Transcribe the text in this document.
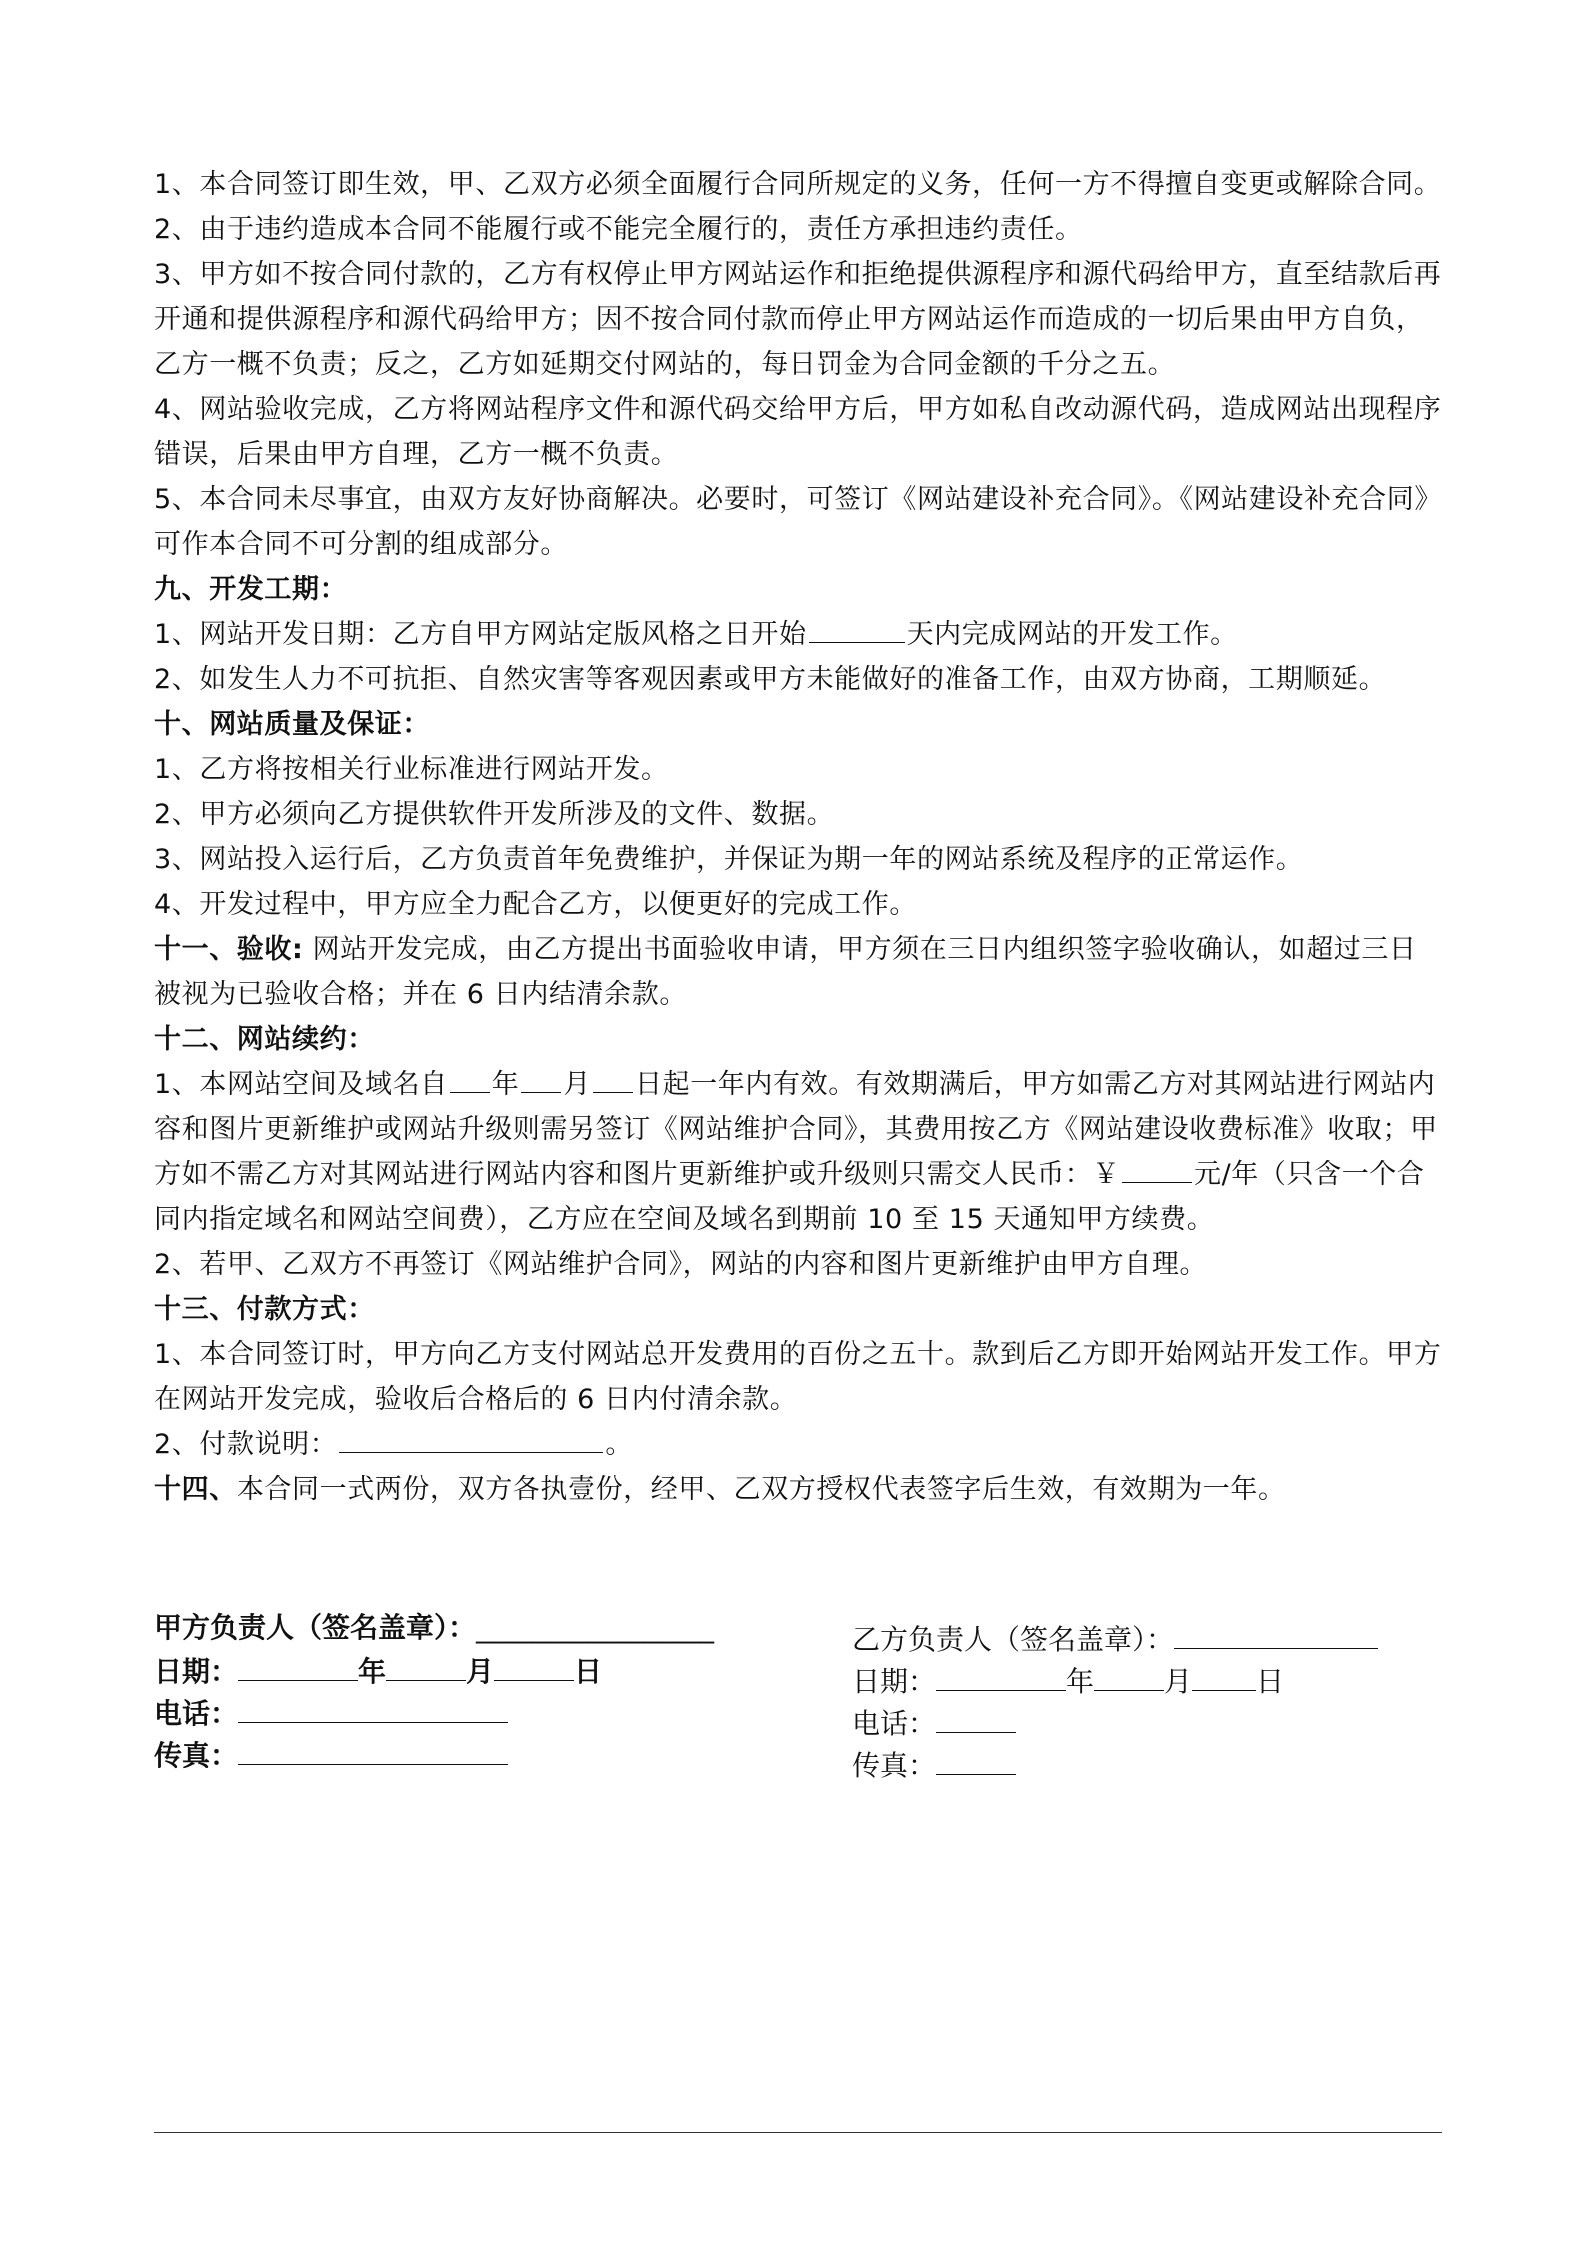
1、本合同签订即生效，甲、乙双方必须全面履行合同所规定的义务，任何一方不得擅自变更或解除合同。

2、由于违约造成本合同不能履行或不能完全履行的，责任方承担违约责任。

3、甲方如不按合同付款的，乙方有权停止甲方网站运作和拒绝提供源程序和源代码给甲方，直至结款后再开通和提供源程序和源代码给甲方；因不按合同付款而停止甲方网站运作而造成的一切后果由甲方自负，乙方一概不负责；反之，乙方如延期交付网站的，每日罚金为合同金额的千分之五。

4、网站验收完成，乙方将网站程序文件和源代码交给甲方后，甲方如私自改动源代码，造成网站出现程序错误，后果由甲方自理，乙方一概不负责。

5、本合同未尽事宜，由双方友好协商解决。必要时，可签订《网站建设补充合同》。《网站建设补充合同》可作本合同不可分割的组成部分。

九、开发工期：

1、网站开发日期：乙方自甲方网站定版风格之日开始	天内完成网站的开发工作。

2、如发生人力不可抗拒、自然灾害等客观因素或甲方未能做好的准备工作，由双方协商，工期顺延。

十、网站质量及保证：

1、乙方将按相关行业标准进行网站开发。

2、甲方必须向乙方提供软件开发所涉及的文件、数据。

3、网站投入运行后，乙方负责首年免费维护，并保证为期一年的网站系统及程序的正常运作。

4、开发过程中，甲方应全力配合乙方，以便更好的完成工作。

十一、验收: 网站开发完成，由乙方提出书面验收申请，甲方须在三日内组织签字验收确认，如超过三日被视为已验收合格；并在 6 日内结清余款。

十二、网站续约：

1、本网站空间及域名自 年 月 日起一年内有效。有效期满后，甲方如需乙方对其网站进行网站内容和图片更新维护或网站升级则需另签订《网站维护合同》，其费用按乙方《网站建设收费标准》收取；甲方如不需乙方对其网站进行网站内容和图片更新维护或升级则只需交人民币：￥	元/年（只含一个合同内指定域名和网站空间费），乙方应在空间及域名到期前 10 至 15 天通知甲方续费。

2、若甲、乙双方不再签订《网站维护合同》，网站的内容和图片更新维护由甲方自理。

十三、付款方式：

1、本合同签订时，甲方向乙方支付网站总开发费用的百份之五十。款到后乙方即开始网站开发工作。甲方在网站开发完成，验收后合格后的 6 日内付清余款。

2、付款说明：	。

十四、本合同一式两份，双方各执壹份，经甲、乙双方授权代表签字后生效，有效期为一年。

甲方负责人（签名盖章）：_________________
日期：	年	月	日
电话：
传真：
乙方负责人（签名盖章）：
日期：	年	月 日
电话：
传真：
